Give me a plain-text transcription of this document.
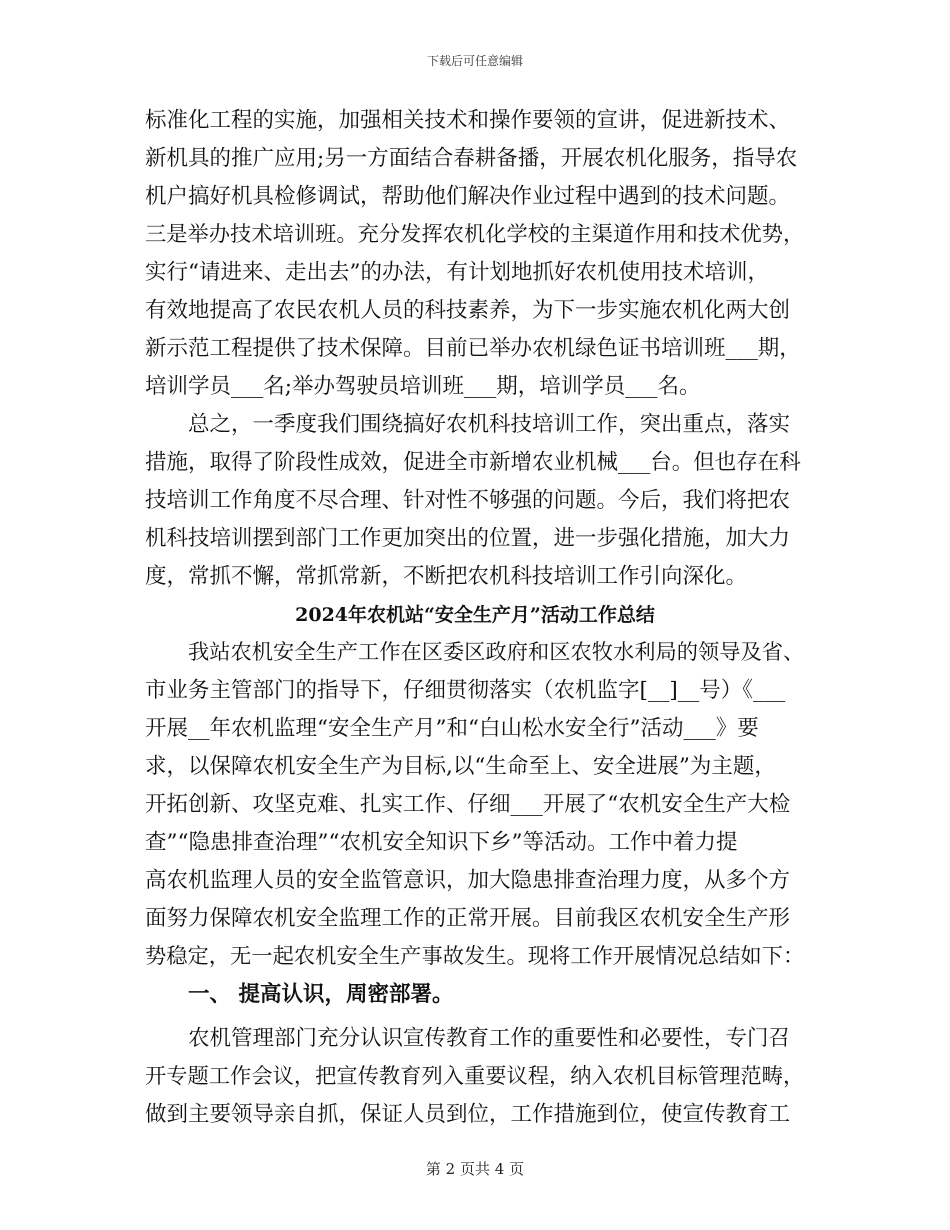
下载后可任意编辑
标准化工程的实施，加强相关技术和操作要领的宣讲，促进新技术、
新机具的推广应用;另一方面结合春耕备播，开展农机化服务，指导农
机户搞好机具检修调试，帮助他们解决作业过程中遇到的技术问题。
三是举办技术培训班。充分发挥农机化学校的主渠道作用和技术优势，
实行“请进来、走出去”的办法，有计划地抓好农机使用技术培训，
有效地提高了农民农机人员的科技素养，为下一步实施农机化两大创
新示范工程提供了技术保障。目前已举办农机绿色证书培训班___期，
培训学员___名;举办驾驶员培训班___期，培训学员___名。
总之，一季度我们围绕搞好农机科技培训工作，突出重点，落实
措施，取得了阶段性成效，促进全市新增农业机械___台。但也存在科
技培训工作角度不尽合理、针对性不够强的问题。今后，我们将把农
机科技培训摆到部门工作更加突出的位置，进一步强化措施，加大力
度，常抓不懈，常抓常新，不断把农机科技培训工作引向深化。
2024年农机站“安全生产月”活动工作总结
我站农机安全生产工作在区委区政府和区农牧水利局的领导及省、
市业务主管部门的指导下，仔细贯彻落实（农机监字[__]__号）《___
开展__年农机监理“安全生产月”和“白山松水安全行”活动___》要
求，以保障农机安全生产为目标,以“生命至上、安全进展”为主题，
开拓创新、攻坚克难、扎实工作、仔细___开展了“农机安全生产大检
查”“隐患排查治理”“农机安全知识下乡”等活动。工作中着力提
高农机监理人员的安全监管意识，加大隐患排查治理力度，从多个方
面努力保障农机安全监理工作的正常开展。目前我区农机安全生产形
势稳定，无一起农机安全生产事故发生。现将工作开展情况总结如下：
一、 提高认识，周密部署。
农机管理部门充分认识宣传教育工作的重要性和必要性，专门召
开专题工作会议，把宣传教育列入重要议程，纳入农机目标管理范畴，
做到主要领导亲自抓，保证人员到位，工作措施到位，使宣传教育工
第 2 页共 4 页
